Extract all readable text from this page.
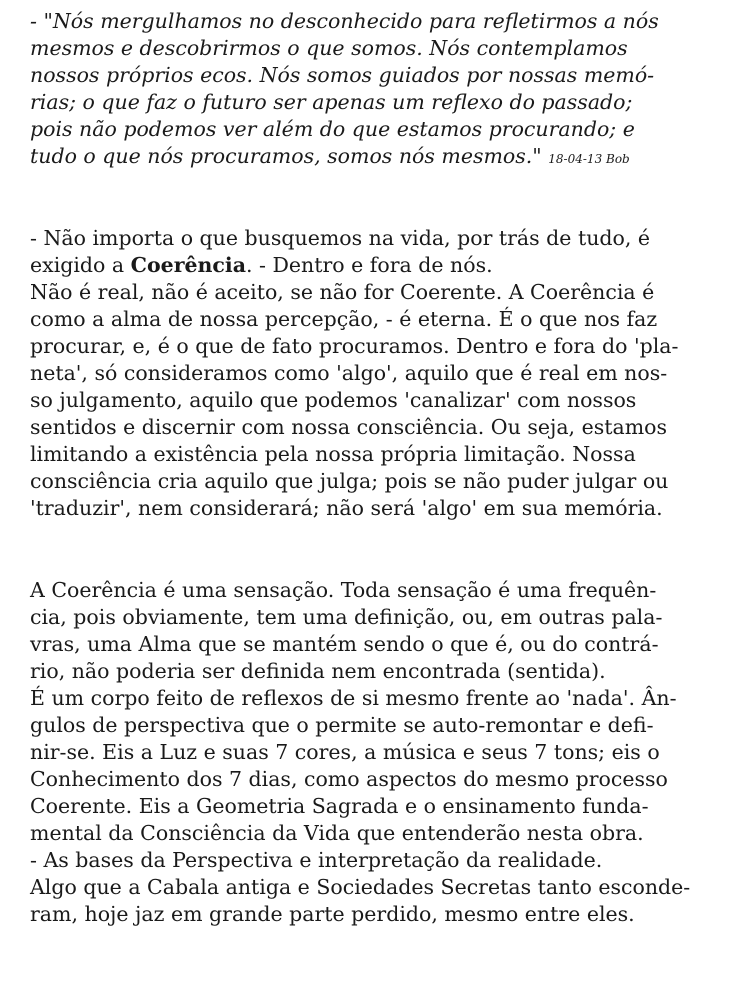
- "Nós mergulhamos no desconhecido para refletirmos a nós
mesmos e descobrirmos o que somos. Nós contemplamos
nossos próprios ecos. Nós somos guiados por nossas memó-
rias; o que faz o futuro ser apenas um reflexo do passado;
pois não podemos ver além do que estamos procurando; e
tudo o que nós procuramos, somos nós mesmos." 18-04-13 Bob
- Não importa o que busquemos na vida, por trás de tudo, é
exigido a Coerência. - Dentro e fora de nós.
Não é real, não é aceito, se não for Coerente. A Coerência é
como a alma de nossa percepção, - é eterna. É o que nos faz
procurar, e, é o que de fato procuramos. Dentro e fora do 'pla-
neta', só consideramos como 'algo', aquilo que é real em nos-
so julgamento, aquilo que podemos 'canalizar' com nossos
sentidos e discernir com nossa consciência. Ou seja, estamos
limitando a existência pela nossa própria limitação. Nossa
consciência cria aquilo que julga; pois se não puder julgar ou
'traduzir', nem considerará; não será 'algo' em sua memória.
A Coerência é uma sensação. Toda sensação é uma frequên-
cia, pois obviamente, tem uma definição, ou, em outras pala-
vras, uma Alma que se mantém sendo o que é, ou do contrá-
rio, não poderia ser definida nem encontrada (sentida).
É um corpo feito de reflexos de si mesmo frente ao 'nada'. Ân-
gulos de perspectiva que o permite se auto-remontar e defi-
nir-se. Eis a Luz e suas 7 cores, a música e seus 7 tons; eis o
Conhecimento dos 7 dias, como aspectos do mesmo processo
Coerente. Eis a Geometria Sagrada e o ensinamento funda-
mental da Consciência da Vida que entenderão nesta obra.
- As bases da Perspectiva e interpretação da realidade.
Algo que a Cabala antiga e Sociedades Secretas tanto esconde-
ram, hoje jaz em grande parte perdido, mesmo entre eles.
